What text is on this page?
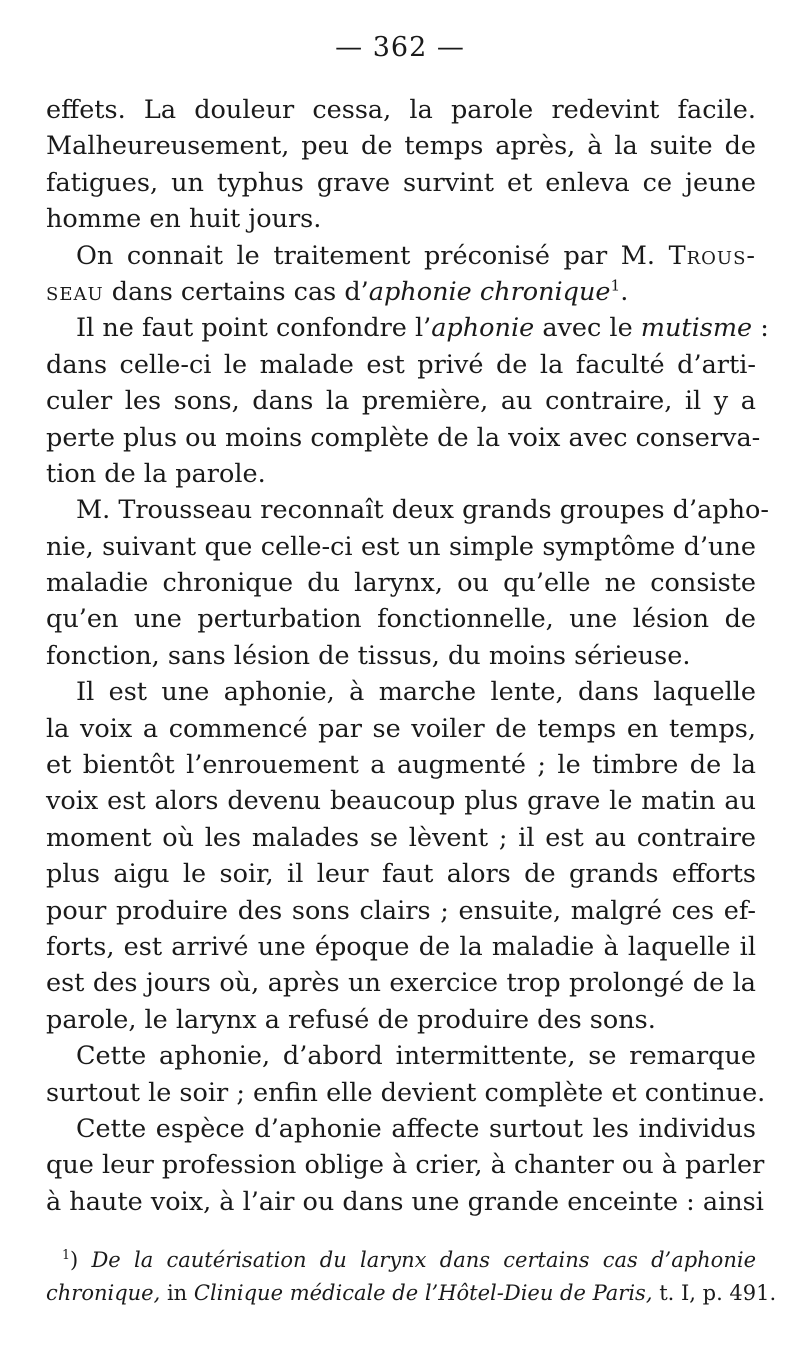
— 362 —
effets. La douleur cessa, la parole redevint facile.
Malheureusement, peu de temps après, à la suite de
fatigues, un typhus grave survint et enleva ce jeune
homme en huit jours.
On connait le traitement préconisé par M. Trous-
seau dans certains cas d’aphonie chronique$^1$.
Il ne faut point confondre l’aphonie avec le mutisme :
dans celle-ci le malade est privé de la faculté d’arti-
culer les sons, dans la première, au contraire, il y a
perte plus ou moins complète de la voix avec conserva-
tion de la parole.
M. Trousseau reconnaît deux grands groupes d’apho-
nie, suivant que celle-ci est un simple symptôme d’une
maladie chronique du larynx, ou qu’elle ne consiste
qu’en une perturbation fonctionnelle, une lésion de
fonction, sans lésion de tissus, du moins sérieuse.
Il est une aphonie, à marche lente, dans laquelle
la voix a commencé par se voiler de temps en temps,
et bientôt l’enrouement a augmenté ; le timbre de la
voix est alors devenu beaucoup plus grave le matin au
moment où les malades se lèvent ; il est au contraire
plus aigu le soir, il leur faut alors de grands efforts
pour produire des sons clairs ; ensuite, malgré ces ef-
forts, est arrivé une époque de la maladie à laquelle il
est des jours où, après un exercice trop prolongé de la
parole, le larynx a refusé de produire des sons.
Cette aphonie, d’abord intermittente, se remarque
surtout le soir ; enfin elle devient complète et continue.
Cette espèce d’aphonie affecte surtout les individus
que leur profession oblige à crier, à chanter ou à parler
à haute voix, à l’air ou dans une grande enceinte : ainsi
$^1$) De la cautérisation du larynx dans certains cas d’aphonie
chronique, in Clinique médicale de l’Hôtel-Dieu de Paris, t. I, p. 491.
